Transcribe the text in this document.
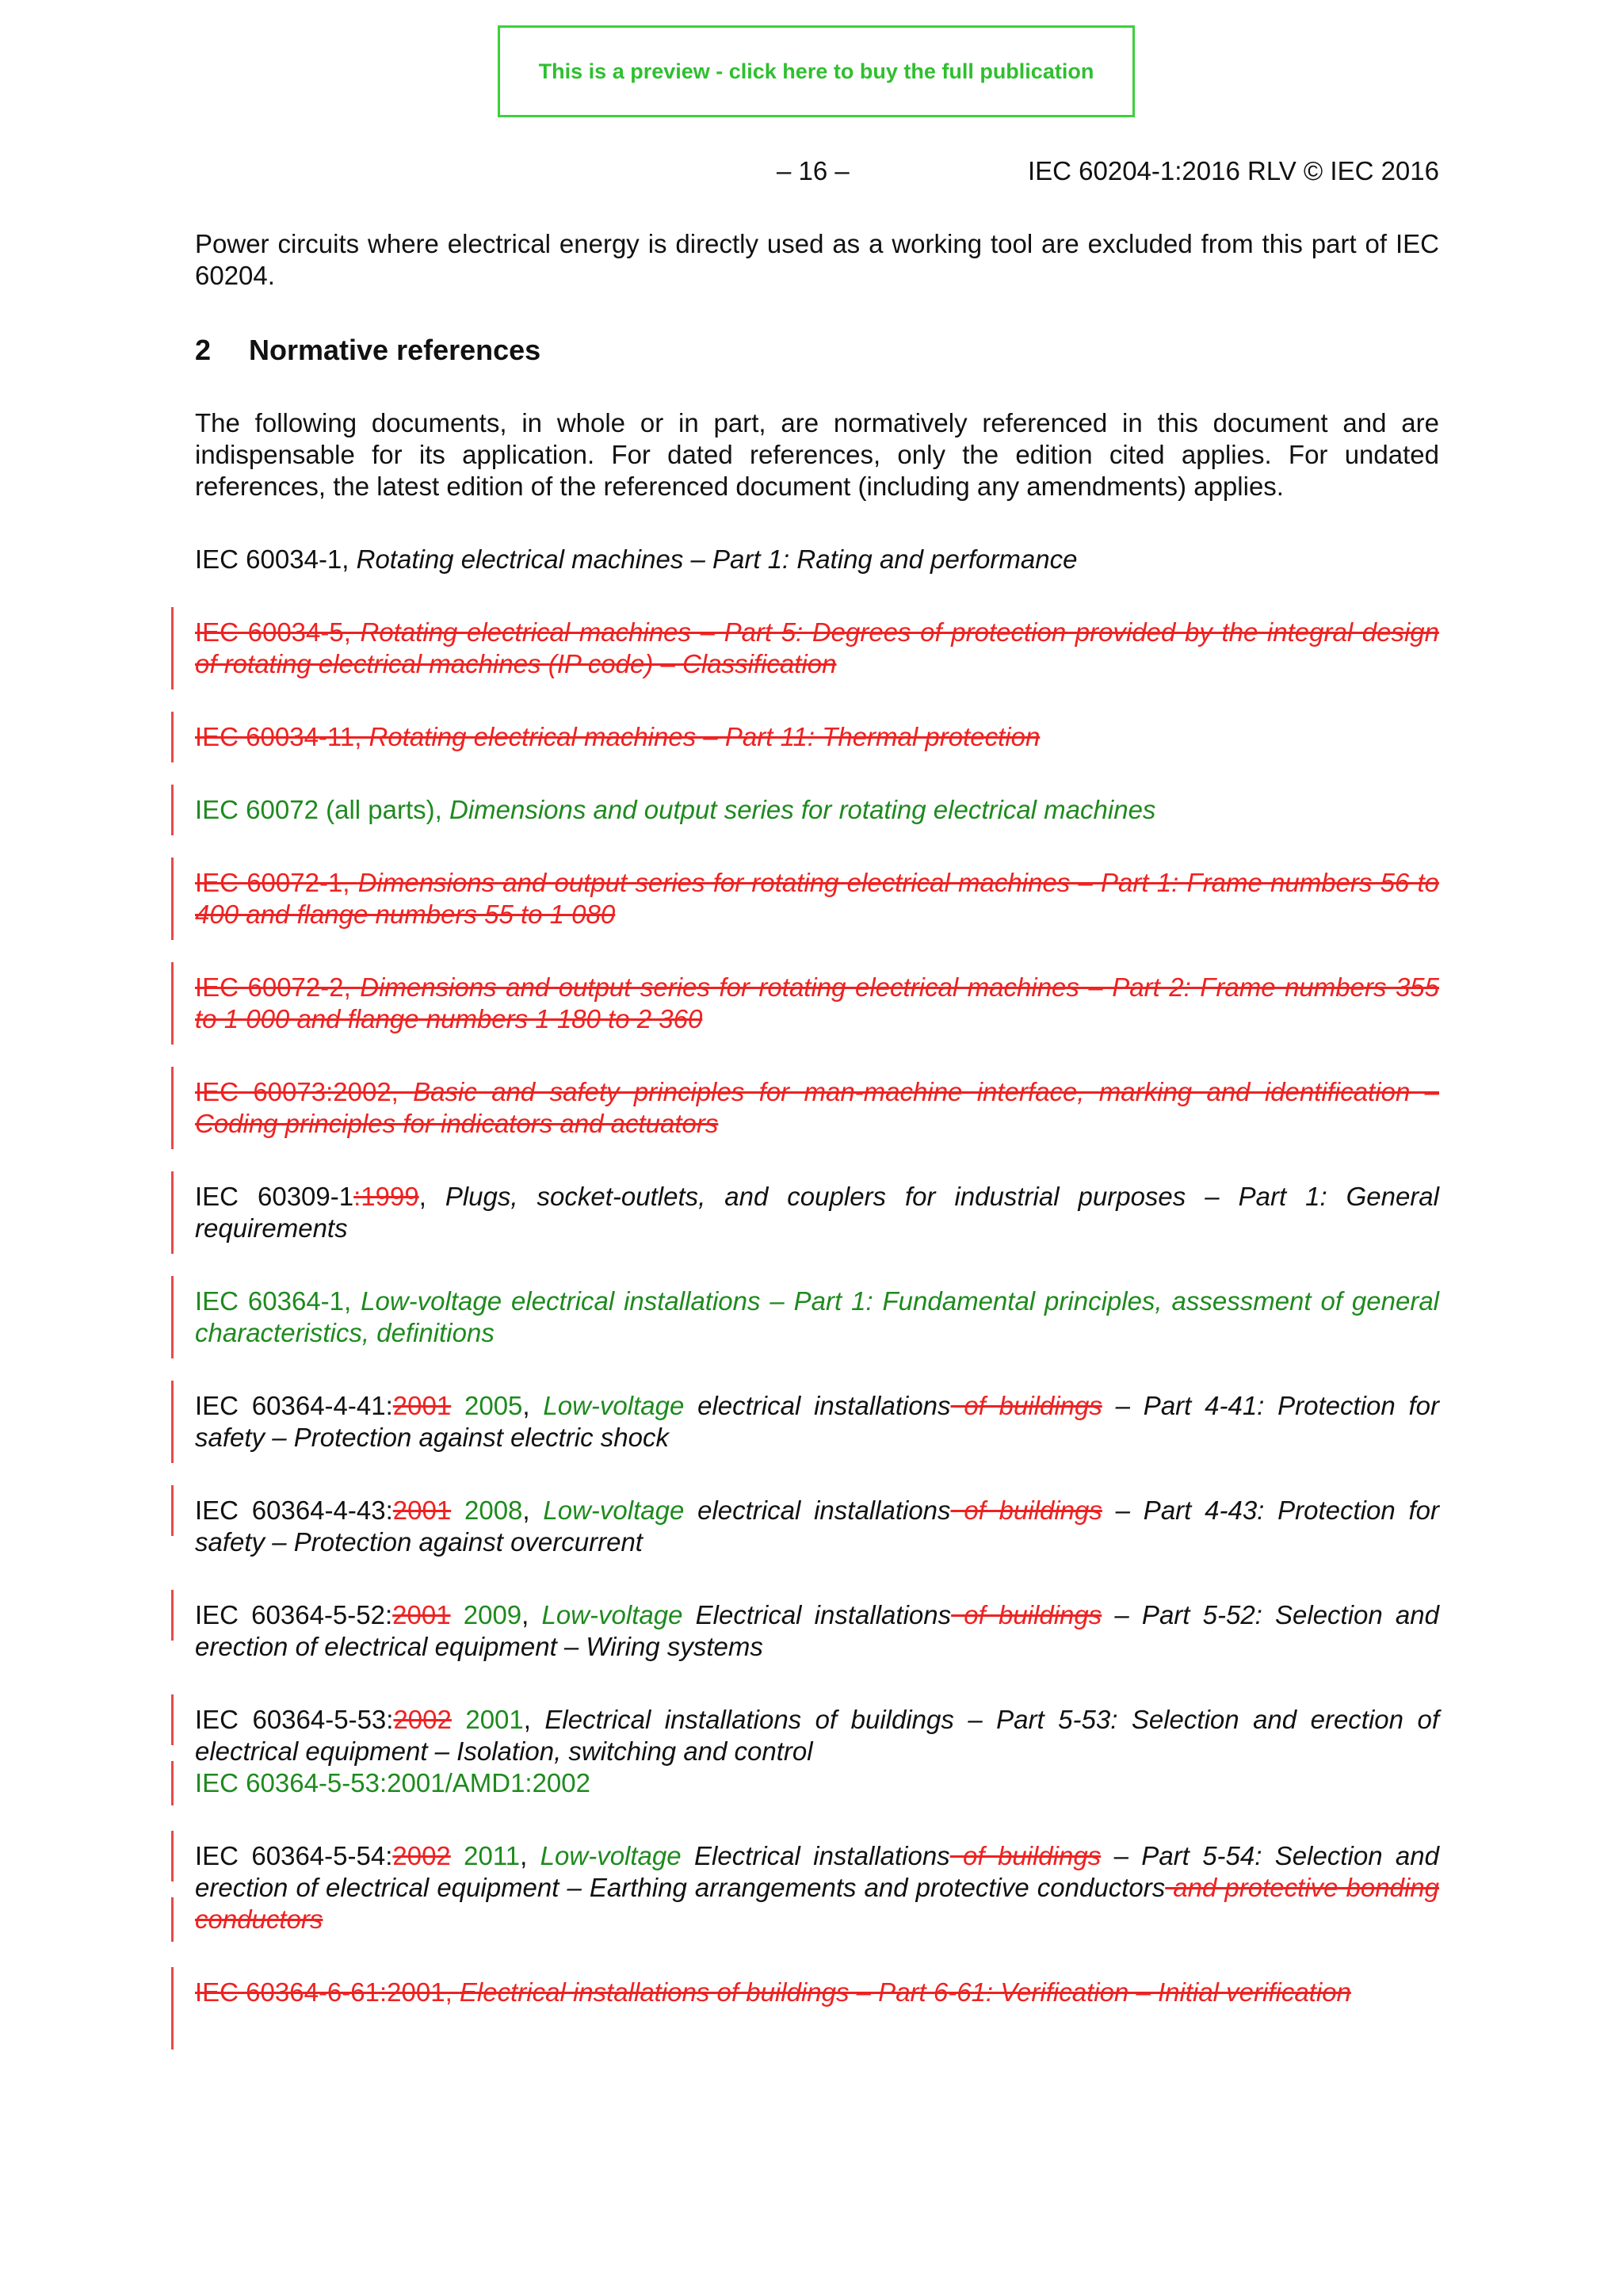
This is a preview - click here to buy the full publication
– 16 –	IEC 60204-1:2016 RLV © IEC 2016

Power circuits where electrical energy is directly used as a working tool are excluded from this part of IEC 60204.

2	Normative references

The following documents, in whole or in part, are normatively referenced in this document and are indispensable for its application. For dated references, only the edition cited applies. For undated references, the latest edition of the referenced document (including any amendments) applies.

IEC 60034-1, Rotating electrical machines – Part 1: Rating and performance

IEC 60034-5, Rotating electrical machines – Part 5: Degrees of protection provided by the integral design of rotating electrical machines (IP code) – Classification

IEC 60034-11, Rotating electrical machines – Part 11: Thermal protection

IEC 60072 (all parts), Dimensions and output series for rotating electrical machines

IEC 60072-1, Dimensions and output series for rotating electrical machines – Part 1: Frame numbers 56 to 400 and flange numbers 55 to 1 080

IEC 60072-2, Dimensions and output series for rotating electrical machines – Part 2: Frame numbers 355 to 1 000 and flange numbers 1 180 to 2 360

IEC 60073:2002, Basic and safety principles for man-machine interface, marking and identification – Coding principles for indicators and actuators

IEC 60309-1:1999, Plugs, socket-outlets, and couplers for industrial purposes – Part 1: General requirements

IEC 60364-1, Low-voltage electrical installations – Part 1: Fundamental principles, assessment of general characteristics, definitions

IEC 60364-4-41:2001 2005, Low-voltage electrical installations of buildings – Part 4-41: Protection for safety – Protection against electric shock

IEC 60364-4-43:2001 2008, Low-voltage electrical installations of buildings – Part 4-43: Protection for safety – Protection against overcurrent

IEC 60364-5-52:2001 2009, Low-voltage Electrical installations of buildings – Part 5-52: Selection and erection of electrical equipment – Wiring systems

IEC 60364-5-53:2002 2001, Electrical installations of buildings – Part 5-53: Selection and erection of electrical equipment – Isolation, switching and control
IEC 60364-5-53:2001/AMD1:2002

IEC 60364-5-54:2002 2011, Low-voltage Electrical installations of buildings – Part 5-54: Selection and erection of electrical equipment – Earthing arrangements and protective conductors and protective bonding conductors

IEC 60364-6-61:2001, Electrical installations of buildings – Part 6-61: Verification – Initial verification
